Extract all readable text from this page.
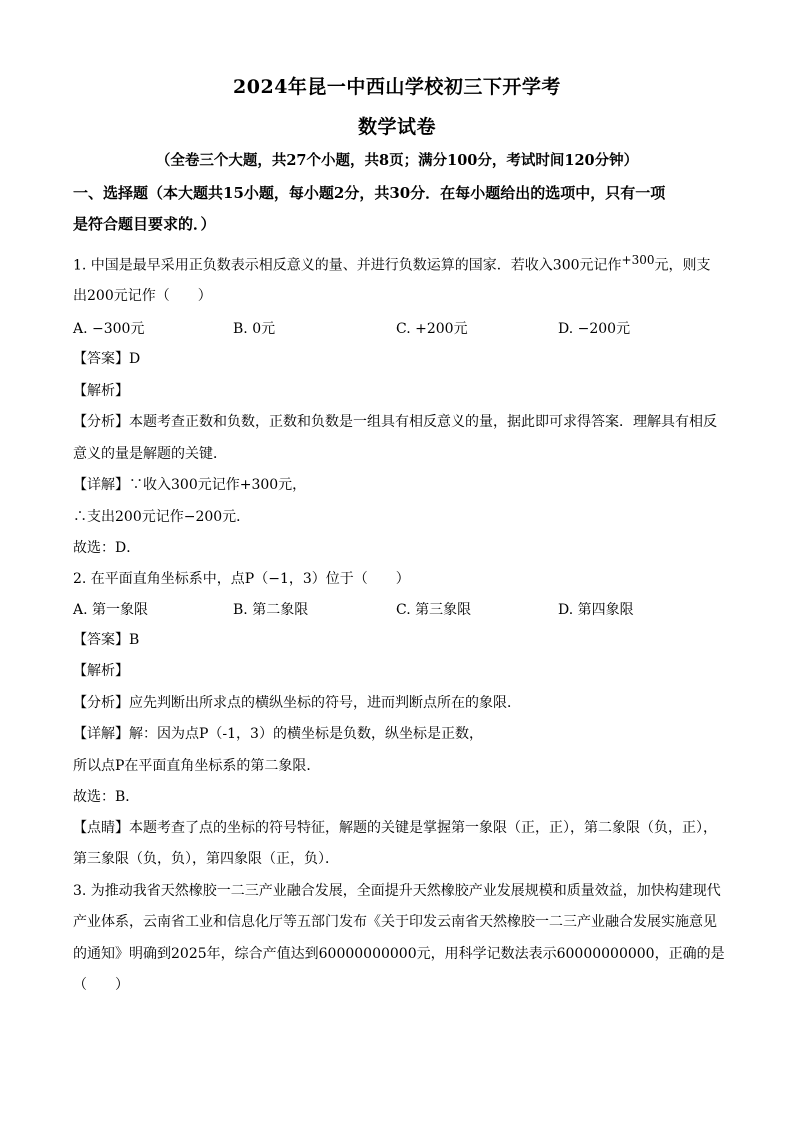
2024年昆一中西山学校初三下开学考
数学试卷
（全卷三个大题，共27个小题，共8页；满分100分，考试时间120分钟）
一、选择题（本大题共15小题，每小题2分，共30分．在每小题给出的选项中，只有一项
是符合题目要求的．）
1. 中国是最早采用正负数表示相反意义的量、并进行负数运算的国家．若收入300元记作+300元，则支
出200元记作（　　）
A. −300元	B. 0元	C. +200元	D. −200元
【答案】D
【解析】
【分析】本题考查正数和负数，正数和负数是一组具有相反意义的量，据此即可求得答案．理解具有相反
意义的量是解题的关键．
【详解】∵收入300元记作+300元，
∴支出200元记作−200元．
故选：D．
2. 在平面直角坐标系中，点P（−1，3）位于（　　）
A. 第一象限	B. 第二象限	C. 第三象限	D. 第四象限
【答案】B
【解析】
【分析】应先判断出所求点的横纵坐标的符号，进而判断点所在的象限．
【详解】解：因为点P（-1，3）的横坐标是负数，纵坐标是正数，
所以点P在平面直角坐标系的第二象限．
故选：B．
【点睛】本题考查了点的坐标的符号特征，解题的关键是掌握第一象限（正，正），第二象限（负，正），
第三象限（负，负），第四象限（正，负）．
3. 为推动我省天然橡胶一二三产业融合发展，全面提升天然橡胶产业发展规模和质量效益，加快构建现代
产业体系，云南省工业和信息化厅等五部门发布《关于印发云南省天然橡胶一二三产业融合发展实施意见
的通知》明确到2025年，综合产值达到60000000000元，用科学记数法表示60000000000，正确的是
（　　）
